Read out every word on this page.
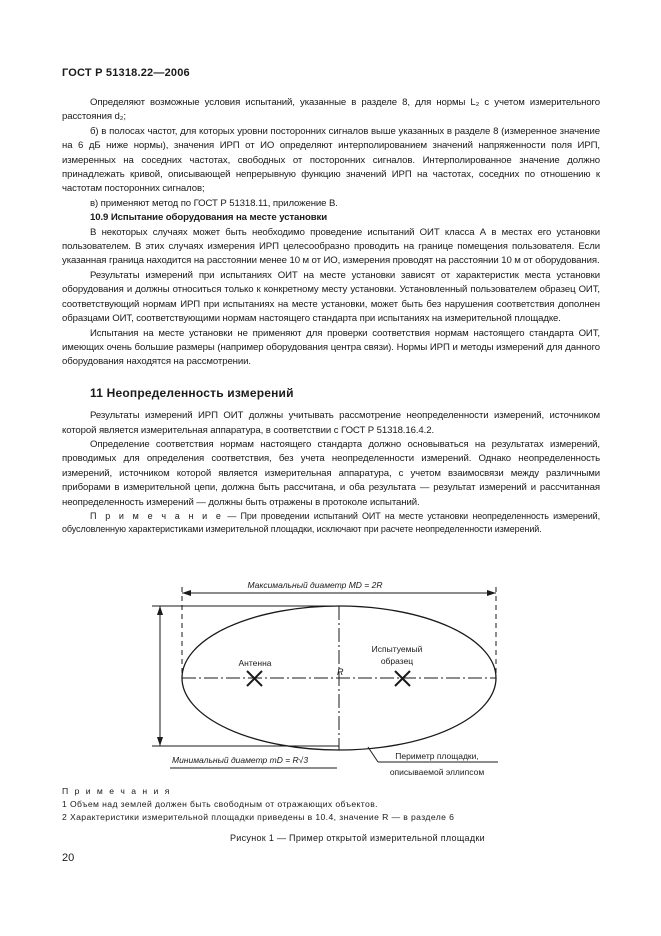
ГОСТ Р 51318.22—2006

Определяют возможные условия испытаний, указанные в разделе 8, для нормы L₂ с учетом измерительного расстояния d₂;

б) в полосах частот, для которых уровни посторонних сигналов выше указанных в разделе 8 (измеренное значение на 6 дБ ниже нормы), значения ИРП от ИО определяют интерполированием значений напряженности поля ИРП, измеренных на соседних частотах, свободных от посторонних сигналов. Интерполированное значение должно принадлежать кривой, описывающей непрерывную функцию значений ИРП на частотах, соседних по отношению к частотам посторонних сигналов;

в) применяют метод по ГОСТ Р 51318.11, приложение В.

10.9 Испытание оборудования на месте установки

В некоторых случаях может быть необходимо проведение испытаний ОИТ класса А в местах его установки пользователем. В этих случаях измерения ИРП целесообразно проводить на границе помещения пользователя. Если указанная граница находится на расстоянии менее 10 м от ИО, измерения проводят на расстоянии 10 м от оборудования.

Результаты измерений при испытаниях ОИТ на месте установки зависят от характеристик места установки оборудования и должны относиться только к конкретному месту установки. Установленный пользователем образец ОИТ, соответствующий нормам ИРП при испытаниях на месте установки, может быть без нарушения соответствия дополнен образцами ОИТ, соответствующими нормам настоящего стандарта при испытаниях на измерительной площадке.

Испытания на месте установки не применяют для проверки соответствия нормам настоящего стандарта ОИТ, имеющих очень большие размеры (например оборудования центра связи). Нормы ИРП и методы измерений для данного оборудования находятся на рассмотрении.

11 Неопределенность измерений

Результаты измерений ИРП ОИТ должны учитывать рассмотрение неопределенности измерений, источником которой является измерительная аппаратура, в соответствии с ГОСТ Р 51318.16.4.2.

Определение соответствия нормам настоящего стандарта должно основываться на результатах измерений, проводимых для определения соответствия, без учета неопределенности измерений. Однако неопределенность измерений, источником которой является измерительная аппаратура, с учетом взаимосвязи между различными приборами в измерительной цепи, должна быть рассчитана, и оба результата — результат измерений и рассчитанная неопределенность измерений — должны быть отражены в протоколе испытаний.

П р и м е ч а н и е — При проведении испытаний ОИТ на месте установки неопределенность измерений, обусловленную характеристиками измерительной площадки, исключают при расчете неопределенности измерений.

Максимальный диаметр MD = 2R
Антенна
Испытуемый
образец
R
Минимальный диаметр mD = R√3	Периметр площадки,
описываемой эллипсом
П р и м е ч а н и я
1 Объем над землей должен быть свободным от отражающих объектов.
2 Характеристики измерительной площадки приведены в 10.4, значение R — в разделе 6

Рисунок 1 — Пример открытой измерительной площадки

20
